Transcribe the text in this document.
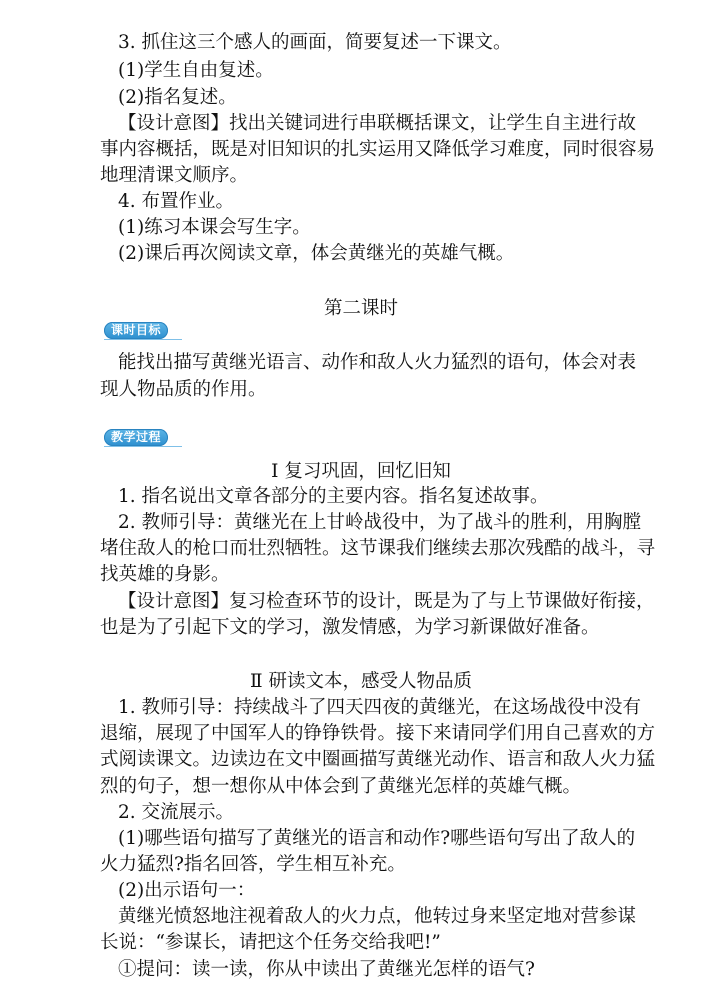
3. 抓住这三个感人的画面，简要复述一下课文。
(1)学生自由复述。
(2)指名复述。
【设计意图】找出关键词进行串联概括课文，让学生自主进行故
事内容概括，既是对旧知识的扎实运用又降低学习难度，同时很容易
地理清课文顺序。
4. 布置作业。
(1)练习本课会写生字。
(2)课后再次阅读文章，体会黄继光的英雄气概。
第二课时
课时目标
能找出描写黄继光语言、动作和敌人火力猛烈的语句，体会对表
现人物品质的作用。
教学过程
Ⅰ 复习巩固，回忆旧知
1. 指名说出文章各部分的主要内容。指名复述故事。
2. 教师引导：黄继光在上甘岭战役中，为了战斗的胜利，用胸膛
堵住敌人的枪口而壮烈牺牲。这节课我们继续去那次残酷的战斗，寻
找英雄的身影。
【设计意图】复习检查环节的设计，既是为了与上节课做好衔接，
也是为了引起下文的学习，激发情感，为学习新课做好准备。
Ⅱ 研读文本，感受人物品质
1. 教师引导：持续战斗了四天四夜的黄继光，在这场战役中没有
退缩，展现了中国军人的铮铮铁骨。接下来请同学们用自己喜欢的方
式阅读课文。边读边在文中圈画描写黄继光动作、语言和敌人火力猛
烈的句子，想一想你从中体会到了黄继光怎样的英雄气概。
2. 交流展示。
(1)哪些语句描写了黄继光的语言和动作?哪些语句写出了敌人的
火力猛烈?指名回答，学生相互补充。
(2)出示语句一：
黄继光愤怒地注视着敌人的火力点，他转过身来坚定地对营参谋
长说：“参谋长，请把这个任务交给我吧!”
①提问：读一读，你从中读出了黄继光怎样的语气?
